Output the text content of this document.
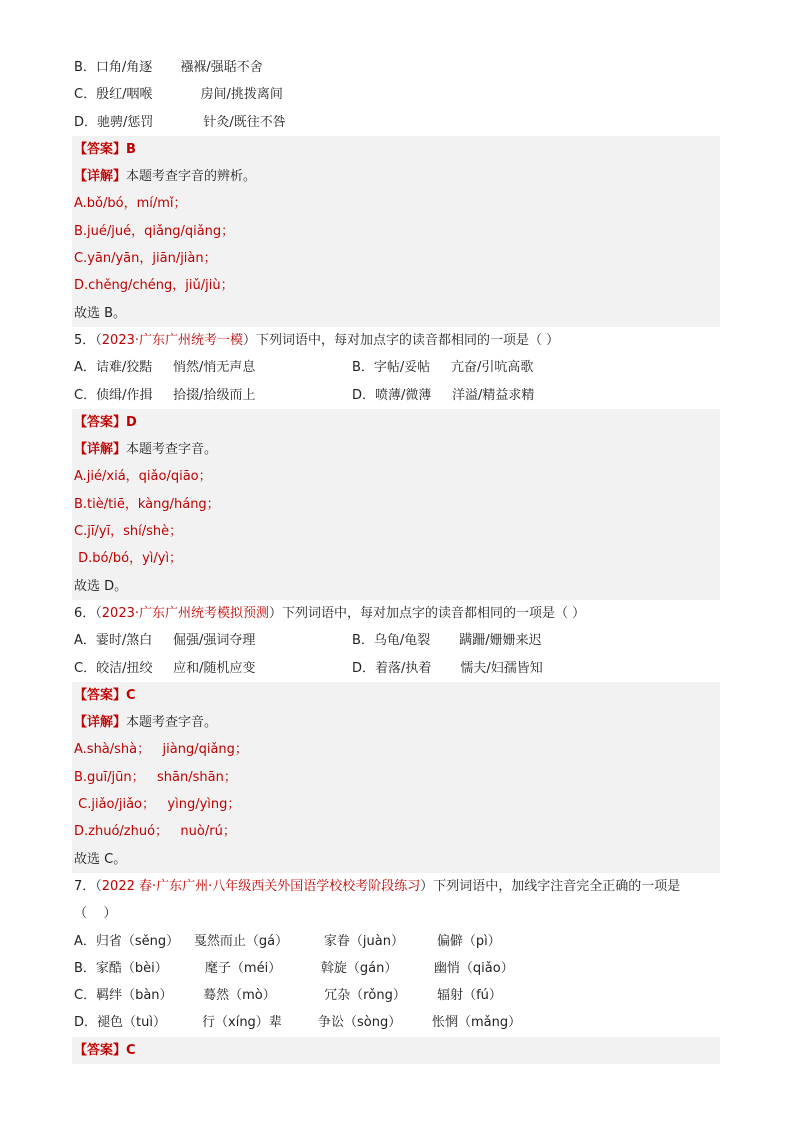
B．口角/角逐 襁褓/强聒不舍
C．殷红/咽喉	房间/挑拨离间
D．驰骋/惩罚	针灸/既往不咎
【答案】B
【详解】本题考查字音的辨析。
A.bǒ/bó，mí/mǐ；
B.jué/jué，qiǎng/qiǎng；
C.yān/yān，jiān/jiàn；
D.chěng/chéng，jiǔ/jiù；
故选 B。
5．（2023·广东广州统考一模）下列词语中，每对加点字的读音都相同的一项是（ ）
A．诘难/狡黠     悄然/悄无声息	B．字帖/妥帖     亢奋/引吭高歌
C．侦缉/作揖     拾掇/拾级而上	D．喷薄/微薄     洋溢/精益求精
【答案】D
【详解】本题考查字音。
A.jié/xiá，qiǎo/qiāo；
B.tiè/tiē，kàng/háng；
C.jī/yī，shí/shè；
D.bó/bó，yì/yì；
故选 D。
6．（2023·广东广州统考模拟预测）下列词语中，每对加点字的读音都相同的一项是（ ）
A．霎时/煞白     倔强/强词夺理	B．乌龟/龟裂       蹒跚/姗姗来迟
C．皎洁/扭绞     应和/随机应变	D．着落/执着       懦夫/妇孺皆知
【答案】C
【详解】本题考查字音。
A.shà/shà；   jiàng/qiǎng；
B.guī/jūn；   shān/shān；
C.jiǎo/jiǎo；   yìng/yìng；
D.zhuó/zhuó；   nuò/rú；
故选 C。
7．（2022 春·广东广州·八年级西关外国语学校校考阶段练习）下列词语中，加线字注音完全正确的一项是
（    ）
A．归省（sěng） 戛然而止（gá）	家眷（juàn）	偏僻（pì）
B．家酷（bèi）	麾子（méi）	斡旋（gán）	幽悄（qiǎo）
C．羁绊（bàn） 蓦然（mò）	冗杂（rǒng） 辐射（fú）
D．褪色（tuì）	行（xíng）辈	争讼（sòng） 怅惘（mǎng）
【答案】C
